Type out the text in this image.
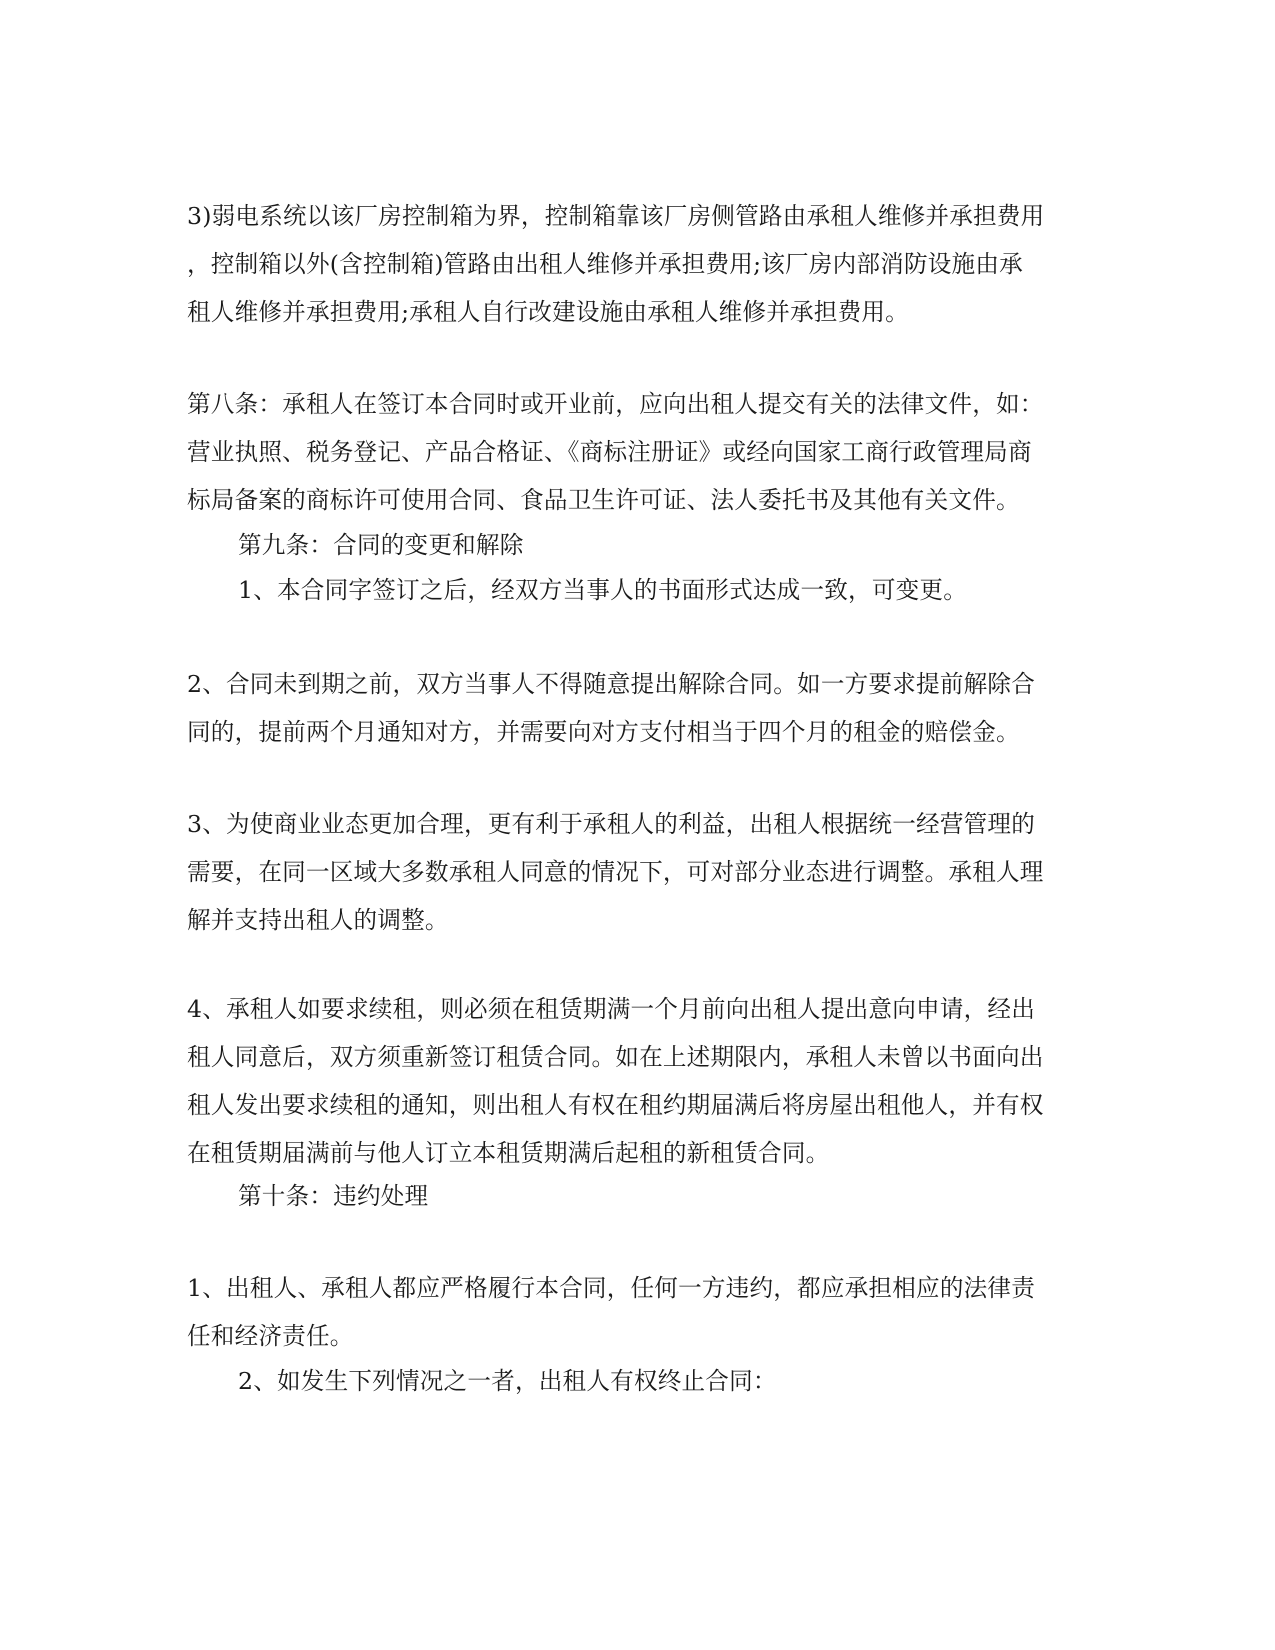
3)弱电系统以该厂房控制箱为界，控制箱靠该厂房侧管路由承租人维修并承担费用
，控制箱以外(含控制箱)管路由出租人维修并承担费用;该厂房内部消防设施由承
租人维修并承担费用;承租人自行改建设施由承租人维修并承担费用。

第八条：承租人在签订本合同时或开业前，应向出租人提交有关的法律文件，如：
营业执照、税务登记、产品合格证、《商标注册证》或经向国家工商行政管理局商
标局备案的商标许可使用合同、食品卫生许可证、法人委托书及其他有关文件。

第九条：合同的变更和解除

1、本合同字签订之后，经双方当事人的书面形式达成一致，可变更。

2、合同未到期之前，双方当事人不得随意提出解除合同。如一方要求提前解除合
同的，提前两个月通知对方，并需要向对方支付相当于四个月的租金的赔偿金。

3、为使商业业态更加合理，更有利于承租人的利益，出租人根据统一经营管理的
需要，在同一区域大多数承租人同意的情况下，可对部分业态进行调整。承租人理
解并支持出租人的调整。

4、承租人如要求续租，则必须在租赁期满一个月前向出租人提出意向申请，经出
租人同意后，双方须重新签订租赁合同。如在上述期限内，承租人未曾以书面向出
租人发出要求续租的通知，则出租人有权在租约期届满后将房屋出租他人，并有权
在租赁期届满前与他人订立本租赁期满后起租的新租赁合同。

第十条：违约处理

1、出租人、承租人都应严格履行本合同，任何一方违约，都应承担相应的法律责
任和经济责任。

2、如发生下列情况之一者，出租人有权终止合同：
